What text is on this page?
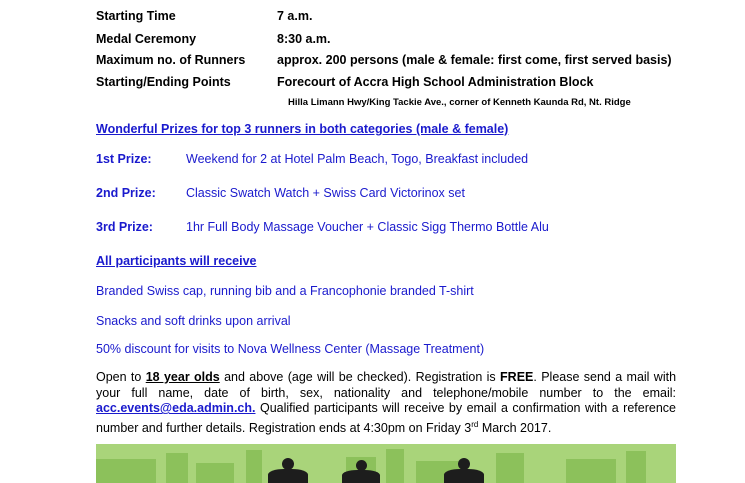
Starting Time	7 a.m.
Medal Ceremony	8:30 a.m.
Maximum no. of Runners	approx. 200 persons (male & female: first come, first served basis)
Starting/Ending Points	Forecourt of Accra High School Administration Block
Hilla Limann Hwy/King Tackie Ave., corner of Kenneth Kaunda Rd, Nt. Ridge
Wonderful Prizes for top 3 runners in both categories (male & female)
1st Prize:	Weekend for 2 at Hotel Palm Beach, Togo, Breakfast included
2nd Prize: Classic Swatch Watch + Swiss Card Victorinox set
3rd Prize:	1hr Full Body Massage Voucher + Classic Sigg Thermo Bottle Alu
All participants will receive
Branded Swiss cap, running bib and a Francophonie branded T-shirt
Snacks and soft drinks upon arrival
50% discount for visits to Nova Wellness Center (Massage Treatment)
Open to 18 year olds and above (age will be checked). Registration is FREE. Please send a mail with your full name, date of birth, sex, nationality and telephone/mobile number to the email: acc.events@eda.admin.ch. Qualified participants will receive by email a confirmation with a reference number and further details. Registration ends at 4:30pm on Friday 3rd March 2017.
